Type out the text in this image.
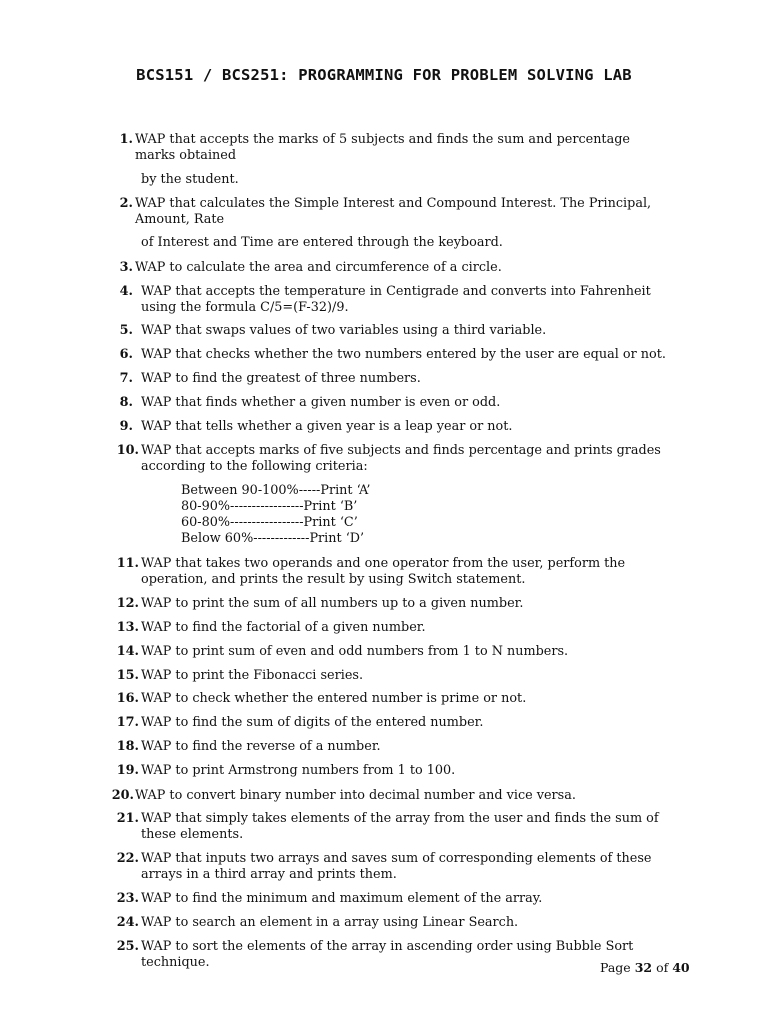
BCS151 / BCS251: PROGRAMMING FOR PROBLEM SOLVING LAB
1. WAP that accepts the marks of 5 subjects and finds the sum and percentage marks obtained
2. WAP that calculates the Simple Interest and Compound Interest. The Principal, Amount, Rate
3. WAP to calculate the area and circumference of a circle.
4. WAP that accepts the temperature in Centigrade and converts into Fahrenheit using the formula C/5=(F-32)/9.
5. WAP that swaps values of two variables using a third variable.
6. WAP that checks whether the two numbers entered by the user are equal or not.
7. WAP to find the greatest of three numbers.
8. WAP that finds whether a given number is even or odd.
9. WAP that tells whether a given year is a leap year or not.
10. WAP that accepts marks of five subjects and finds percentage and prints grades according to the following criteria:
11. WAP that takes two operands and one operator from the user, perform the operation, and prints the result by using Switch statement.
12. WAP to print the sum of all numbers up to a given number.
13. WAP to find the factorial of a given number.
14. WAP to print sum of even and odd numbers from 1 to N numbers.
15. WAP to print the Fibonacci series.
16. WAP to check whether the entered number is prime or not.
17. WAP to find the sum of digits of the entered number.
18. WAP to find the reverse of a number.
19. WAP to print Armstrong numbers from 1 to 100.
20. WAP to convert binary number into decimal number and vice versa.
21. WAP that simply takes elements of the array from the user and finds the sum of these elements.
22. WAP that inputs two arrays and saves sum of corresponding elements of these arrays in a third array and prints them.
23. WAP to find the minimum and maximum element of the array.
24. WAP to search an element in a array using Linear Search.
25. WAP to sort the elements of the array in ascending order using Bubble Sort technique.
Between 90-100%-----Print ‘A’
80-90%-----------------Print ‘B’
60-80%-----------------Print ‘C’
Below 60%-------------Print ‘D’
Page 32 of 40
by the student.
of Interest and Time are entered through the keyboard.
